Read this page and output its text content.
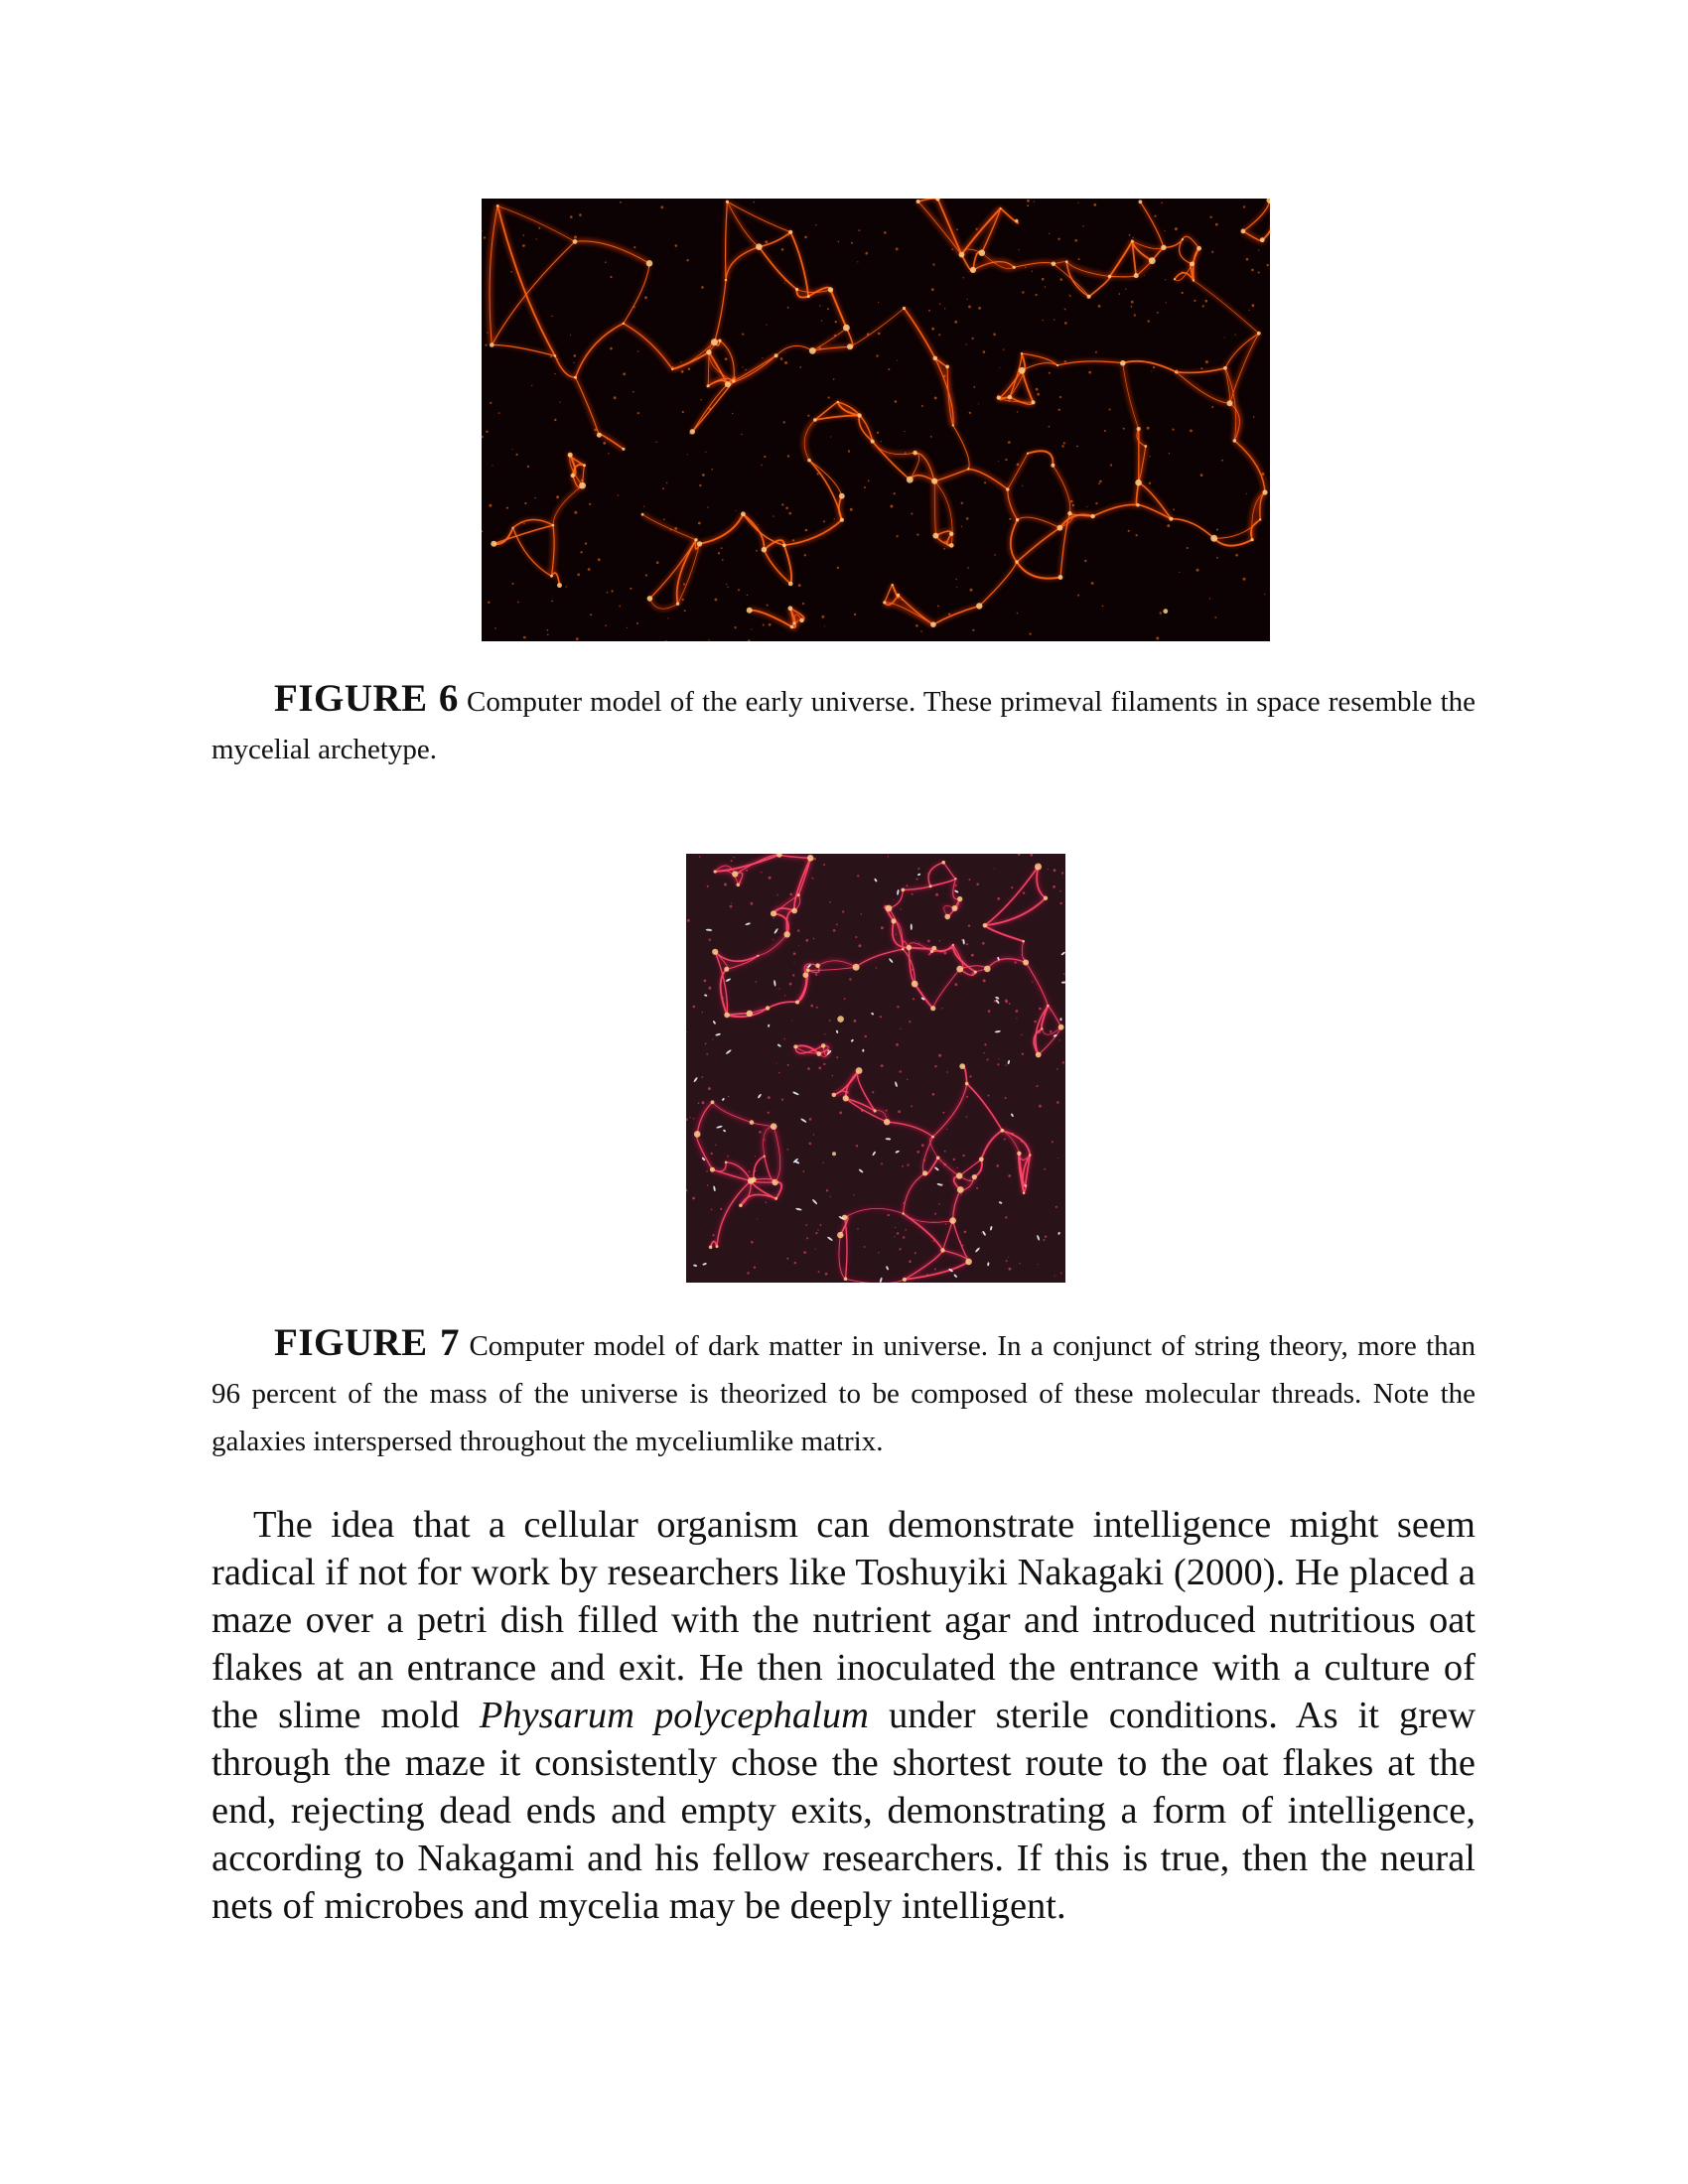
FIGURE 6 Computer model of the early universe. These primeval filaments in space resemble the mycelial archetype.

FIGURE 7 Computer model of dark matter in universe. In a conjunct of string theory, more than 96 percent of the mass of the universe is theorized to be composed of these molecular threads. Note the galaxies interspersed throughout the myceliumlike matrix.

The idea that a cellular organism can demonstrate intelligence might seem radical if not for work by researchers like Toshuyiki Nakagaki (2000). He placed a maze over a petri dish filled with the nutrient agar and introduced nutritious oat flakes at an entrance and exit. He then inoculated the entrance with a culture of the slime mold Physarum polycephalum under sterile conditions. As it grew through the maze it consistently chose the shortest route to the oat flakes at the end, rejecting dead ends and empty exits, demonstrating a form of intelligence, according to Nakagami and his fellow researchers. If this is true, then the neural nets of microbes and mycelia may be deeply intelligent.
